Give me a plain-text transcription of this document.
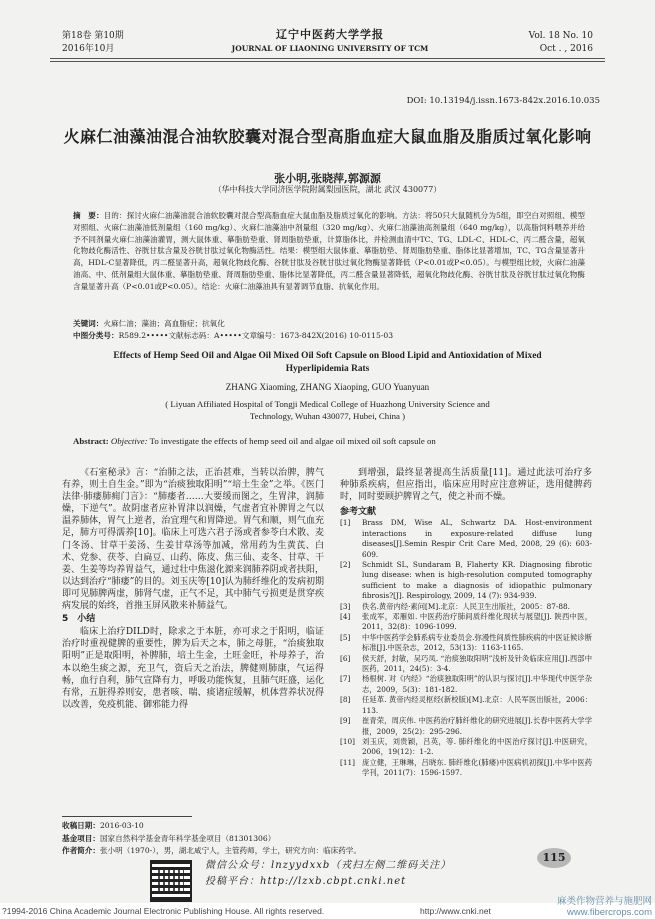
第18卷 第10期
2016年10月
辽宁中医药大学学报
JOURNAL OF LIAONING UNIVERSITY OF TCM
Vol. 18 No. 10
Oct . , 2016
DOI: 10.13194/j.issn.1673-842x.2016.10.035
火麻仁油藻油混合油软胶囊对混合型高脂血症大鼠血脂及脂质过氧化影响
张小明,张晓萍,郭源源
（华中科技大学同济医学院附属梨园医院，湖北 武汉 430077）
摘　要：目的：探讨火麻仁油藻油混合油软胶囊对混合型高脂血症大鼠血脂及脂质过氧化的影响。方法：将50只大鼠随机分为5组，即空白对照组、模型对照组、火麻仁油藻油低剂量组（160 mg/kg）、火麻仁油藻油中剂量组（320 mg/kg）、火麻仁油藻油高剂量组（640 mg/kg），以高脂饲料喂养并给予不同剂量火麻仁油藻油灌胃，测大鼠体重、摹脂肪垫重、肾周脂肪垫重，计算脂体比，并检测血清中TC、TG、LDL-C、HDL-C、丙二醛含量，超氧化物歧化酶活性、谷胱甘肽含量及谷胱甘肽过氧化物酶活性。结果：模型组大鼠体重、摹脂肪垫、肾周脂肪垫重、脂体比显著增加，TC、TG含量显著升高，HDL-C显著降低，丙二醛显著升高，超氧化物歧化酶、谷胱甘肽及谷胱甘肽过氧化物酶显著降低（P<0.01或P<0.05）。与模型组比较，火麻仁油藻油高、中、低剂量组大鼠体重、摹脂肪垫重、肾周脂肪垫重、脂体比显著降低，丙二醛含量显著降低，超氧化物歧化酶、谷胱甘肽及谷胱甘肽过氧化物酶含量显著升高（P<0.01或P<0.05）。结论：火麻仁油藻油具有显著调节血脂、抗氧化作用。
关键词：火麻仁油；藻油；高血脂症；抗氧化
中图分类号：R589.2•••••文献标志码：A•••••文章编号：1673-842X(2016) 10-0115-03
Effects of Hemp Seed Oil and Algae Oil Mixed Oil Soft Capsule on Blood Lipid and Antioxidation of Mixed Hyperlipidemia Rats
ZHANG Xiaoming, ZHANG Xiaoping, GUO Yuanyuan
( Liyuan Affiliated Hospital of Tongji Medical College of Huazhong University Science and Technology, Wuhan 430077, Hubei, China )
Abstract: Objective: To investigate the effects of hemp seed oil and algae oil mixed oil soft capsule on

《石室秘录》言：“治肺之法，正治甚难，当转以治脾，脾气有养，则土自生金。”即为“治痰独取阳明”“培土生金”之举。《医门法律·肺痿肺痈门言》：“肺痿者……大要缓而图之，生胃津，润肺燥，下逆气”。故阴虚者应补胃津以润燥，气虚者宜补脾胃之气以温养肺体，胃气上逆者，治宜理气和胃降逆。胃气和顺，则气血充足，肺方可得濡养[10]。临床上可选六君子汤或者参苓白术散、麦门冬汤、甘草干姜汤、生姜甘草汤等加减，常用药为生黄芪、白术、党参、茯苓、白扁豆、山药、陈皮、焦三仙、麦冬、甘草、干姜、生姜等均养胃益气，通过壮中焦滋化源来润肺养阴或者扶阳，以达到治疗“肺痿”的目的。刘玉庆等[10]认为肺纤维化的发病初期即可见肺脾两虚，肺肾气虚，正气不足，其中肺气亏损更是贯穿疾病发展的始终，首推玉屏风散来补肺益气。

5　小结

临床上治疗DILD时，除求之于本脏，亦可求之于阳明，临证治疗时重视健脾的重要性，脾为后天之本，肺之母脏，“治痰独取阳明”正是取阳明，补脾肺，培土生金，土旺金旺，补母养子，治本以绝生痰之源，充卫气，资后天之治法，脾健则肺康，气运得畅，血行自利，肺气宣降有力，呼吸功能恢复，且肺气旺盛，运化有常，五脏得养则安，患者咳、喘、痰诸症缓解，机体营养状况得以改善，免疫机能、御邪能力得

到增强，最终显著提高生活质量[11]。通过此法可治疗多种肺系疾病，但应指出，临床应用时应注意辨证，选用健脾药时，同时要顾护脾胃之气，使之补而不燥。

参考文献

[1]	Brass DM, Wise AL, Schwartz DA. Host-environment interactions in exposure-related diffuse lung diseases[J].Semin Respir Crit Care Med, 2008, 29 (6): 603-609.
[2]	Schmidt SL, Sundaram B, Flaherty KR. Diagnosing fibrotic lung disease: when is high-resolution computed tomography sufficient to make a diagnosis of idiopathic pulmonary fibrosis?[J]. Respirology, 2009, 14 (7): 934-939.
[3]	佚名.黄帝内经·素问[M].北京：人民卫生出版社，2005：87-88.
[4]	张成军，邓雁如. 中医药治疗肺间质纤维化现状与展望[J]. 陕西中医，2011，32(8)：1096-1099.
[5]	中华中医药学会肺系病专业委员会.弥漫性间质性肺疾病的中医证候诊断标准[J].中医杂志，2012，53(13)：1163-1165.
[6]	侯天舒，封敏，吴巧凤. “治痰独取阳明”浅析及针灸临床应用[J].西部中医药，2011，24(5)：3-4.
[7]	杨根树. 对《内经》“治痰独取阳明”的认识与探讨[J].中华现代中医学杂志，2009，5(3)：181-182.
[8]	任延革. 黄帝内经灵枢经(新校版)[M].北京：人民军医出版社，2006：113.
[9]	崔青荣，周庆伟. 中医药治疗肺纤维化的研究进展[J].长春中医药大学学报，2009，25(2)：295-296.
[10] 刘玉庆，刘贵颖，吕英，等. 肺纤维化的中医治疗探讨[J].中医研究，2006，19(12)：1-2.
[11] 庞立健，王琳琳，吕晓东. 肺纤维化(肺痿)中医病机初探[J].中华中医药学刊，2011(7)：1596-1597.
收稿日期：2016-03-10
基金项目：国家自然科学基金青年科学基金项目（81301306）
作者简介：张小明（1970-），男，湖北咸宁人，主管药师，学士，研究方向：临床药学。
微信公众号：lnzyydxxb（戎扫左侧二维码关注）
投稿平台：http://lzxb.cbpt.cnki.net
115
?1994-2016 China Academic Journal Electronic Publishing House. All rights reserved.	http://www.cnki.net
麻类作物营养与施肥网
www.fibercrops.com
